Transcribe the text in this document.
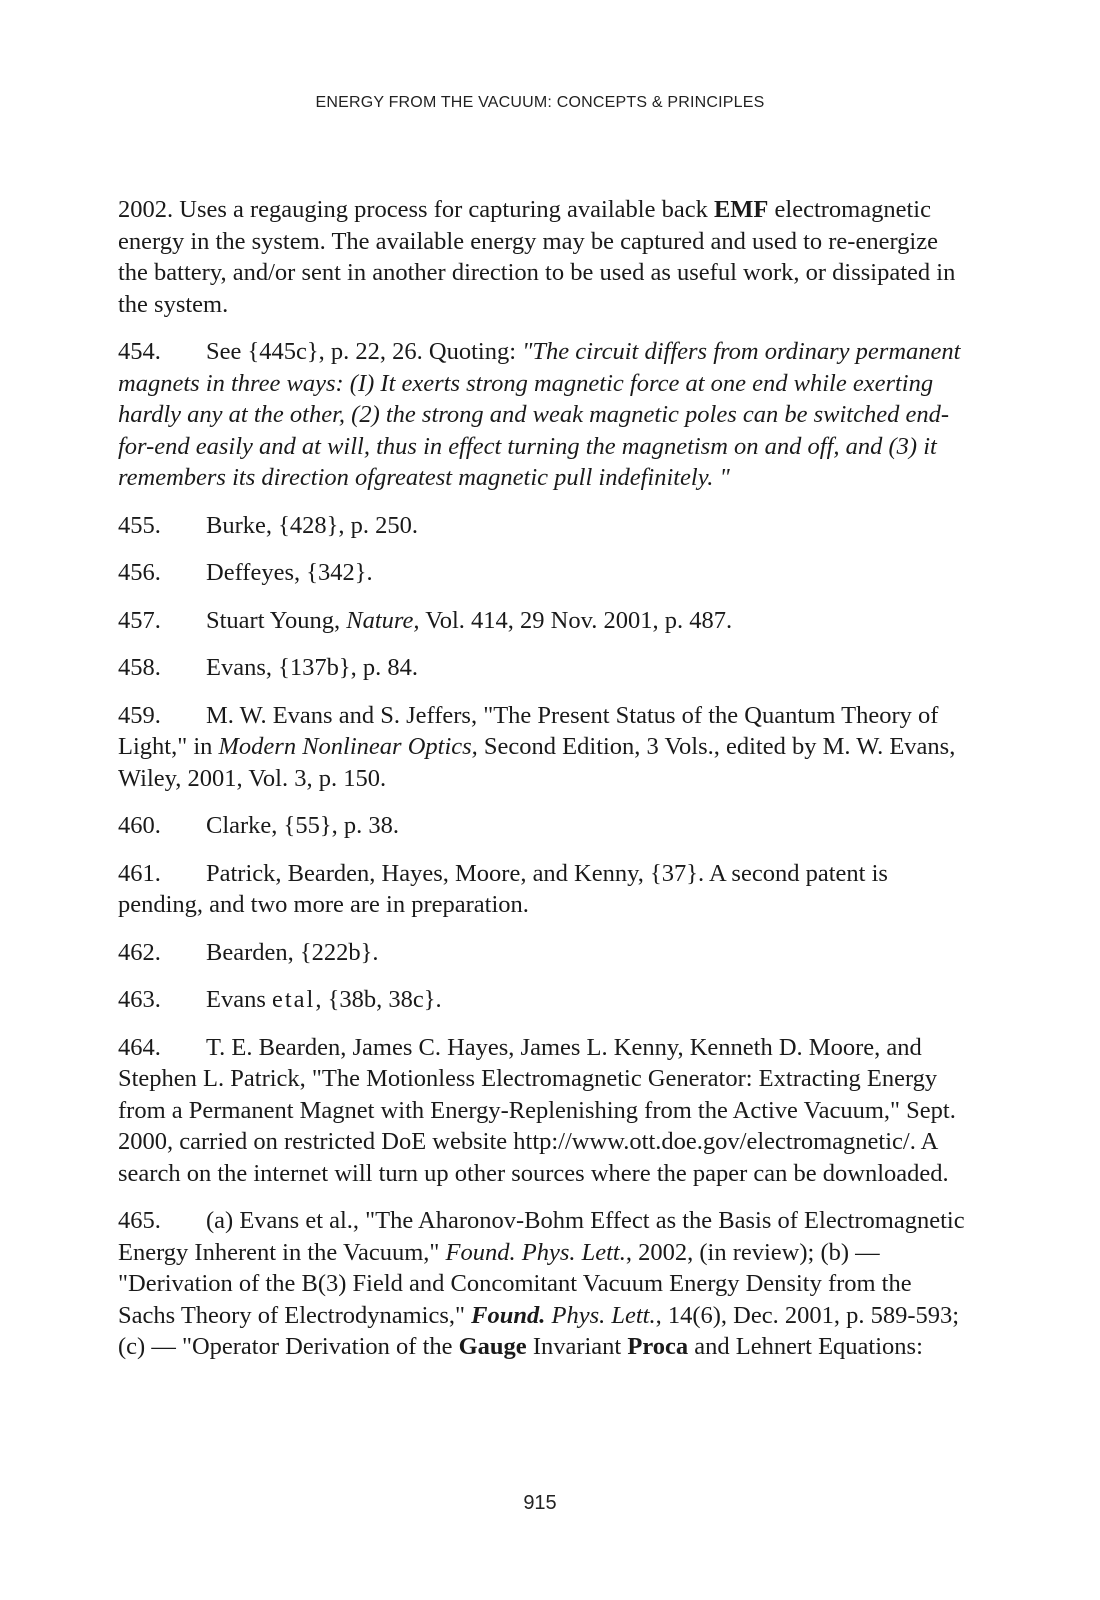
ENERGY FROM THE VACUUM: CONCEPTS & PRINCIPLES

2002. Uses a regauging process for capturing available back EMF electromagnetic energy in the system. The available energy may be captured and used to re-energize the battery, and/or sent in another direction to be used as useful work, or dissipated in the system.

454. See {445c}, p. 22, 26. Quoting: "The circuit differs from ordinary permanent magnets in three ways: (I) It exerts strong magnetic force at one end while exerting hardly any at the other, (2) the strong and weak magnetic poles can be switched end-for-end easily and at will, thus in effect turning the magnetism on and off, and (3) it remembers its direction ofgreatest magnetic pull indefinitely. "

455. Burke, {428}, p. 250.

456. Deffeyes, {342}.

457. Stuart Young, Nature, Vol. 414, 29 Nov. 2001, p. 487.

458. Evans, {137b}, p. 84.

459. M. W. Evans and S. Jeffers, "The Present Status of the Quantum Theory of Light," in Modern Nonlinear Optics, Second Edition, 3 Vols., edited by M. W. Evans, Wiley, 2001, Vol. 3, p. 150.

460. Clarke, {55}, p. 38.

461. Patrick, Bearden, Hayes, Moore, and Kenny, {37}. A second patent is pending, and two more are in preparation.

462. Bearden, {222b}.

463. Evans etal, {38b, 38c}.

464. T. E. Bearden, James C. Hayes, James L. Kenny, Kenneth D. Moore, and Stephen L. Patrick, "The Motionless Electromagnetic Generator: Extracting Energy from a Permanent Magnet with Energy-Replenishing from the Active Vacuum," Sept. 2000, carried on restricted DoE website http://www.ott.doe.gov/electromagnetic/. A search on the internet will turn up other sources where the paper can be downloaded.

465. (a) Evans et al., "The Aharonov-Bohm Effect as the Basis of Electromagnetic Energy Inherent in the Vacuum," Found. Phys. Lett., 2002, (in review); (b) — "Derivation of the B(3) Field and Concomitant Vacuum Energy Density from the Sachs Theory of Electrodynamics," Found. Phys. Lett., 14(6), Dec. 2001, p. 589-593; (c) — "Operator Derivation of the Gauge Invariant Proca and Lehnert Equations:

915
